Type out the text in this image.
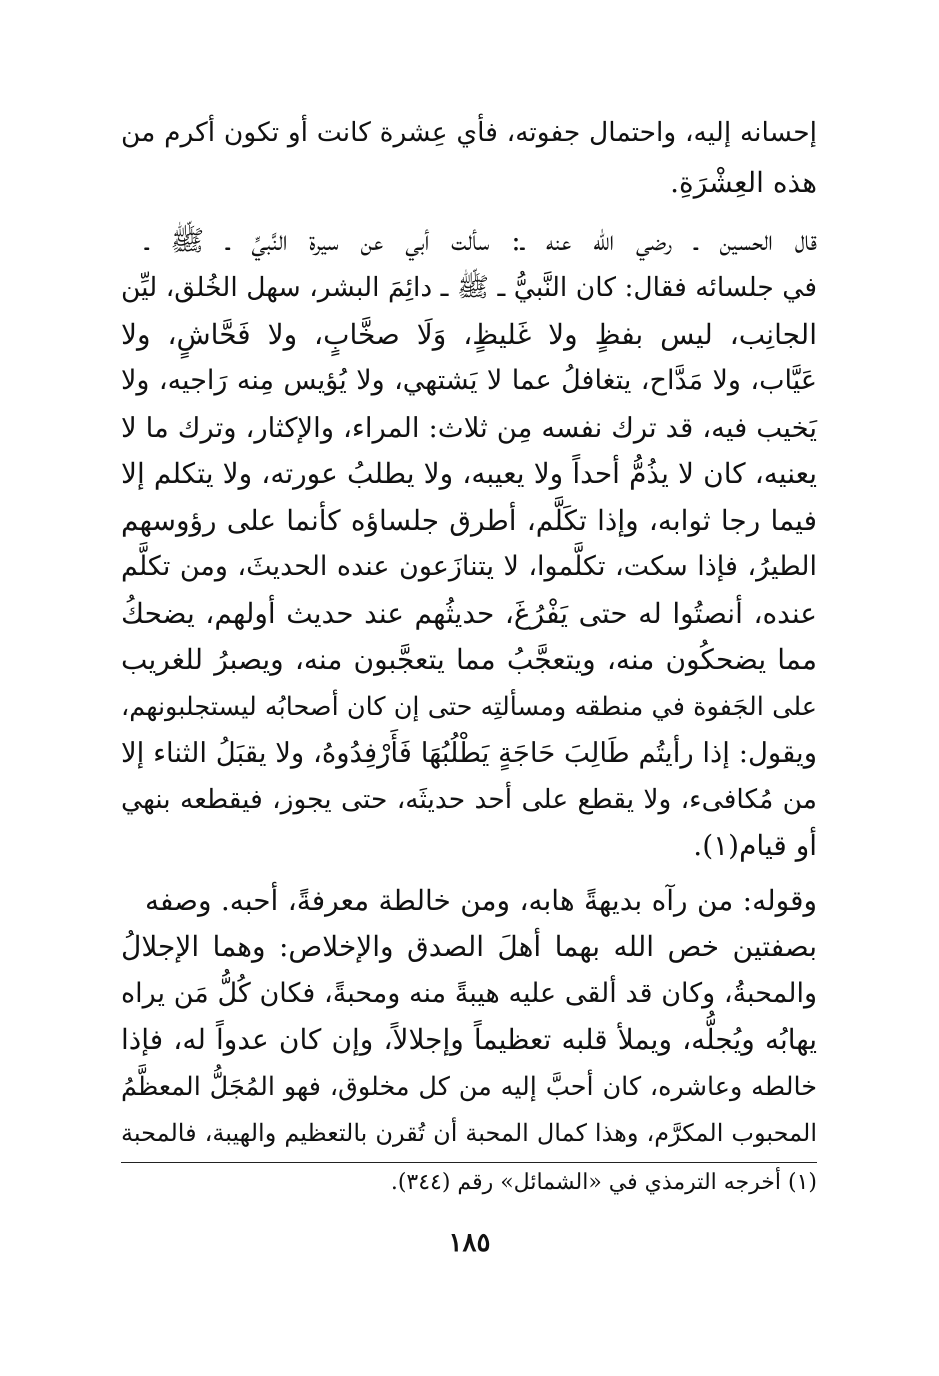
إحسانه إليه، واحتمال جفوته، فأي عِشرة كانت أو تكون أكرم من
هذه العِشْرَةِ.
قال الحسين ـ رضي الله عنه ـ: سألت أبي عن سيرة النَّبيِّ ـ ﷺ ـ
في جلسائه فقال: كان النَّبيُّ ـ ﷺ ـ دائِمَ البشر، سهل الخُلق، ليِّن
الجانِب، ليس بفظٍ ولا غَليظٍ، وَلَا صخَّابٍ، ولا فَحَّاشٍ، ولا
عَيَّاب، ولا مَدَّاح، يتغافلُ عما لا يَشتهي، ولا يُؤيس مِنه رَاجيه، ولا
يَخيب فيه، قد ترك نفسه مِن ثلاث: المراء، والإكثار، وترك ما لا
يعنيه، كان لا يذُمُّ أحداً ولا يعيبه، ولا يطلبُ عورته، ولا يتكلم إلا
فيما رجا ثوابه، وإذا تكَلَّم، أطرق جلساؤه كأنما على رؤوسهم
الطيرُ، فإذا سكت، تكلَّموا، لا يتنازَعون عنده الحديثَ، ومن تكلَّم
عنده، أنصتُوا له حتى يَفْرُغَ، حديثُهم عند حديث أولهم، يضحكُ
مما يضحكُون منه، ويتعجَّبُ مما يتعجَّبون منه، ويصبرُ للغريب
على الجَفوة في منطقه ومسألتِه حتى إن كان أصحابُه ليستجلبونهم،
ويقول: إذا رأيتُم طَالِبَ حَاجَةٍ يَطْلُبُهَا فَأَرْفِدُوهُ، ولا يقبَلُ الثناء إلا
من مُكافىء، ولا يقطع على أحد حديثَه، حتى يجوز، فيقطعه بنهي
أو قيام(١).
وقوله: من رآه بديهةً هابه، ومن خالطة معرفةً، أحبه. وصفه
بصفتين خص الله بهما أهلَ الصدق والإخلاص: وهما الإجلالُ
والمحبةُ، وكان قد ألقى عليه هيبةً منه ومحبةً، فكان كُلُّ مَن يراه
يهابُه ويُجلُّه، ويملأ قلبه تعظيماً وإجلالاً، وإن كان عدواً له، فإذا
خالطه وعاشره، كان أحبَّ إليه من كل مخلوق، فهو المُجَلُّ المعظَّمُ
المحبوب المكرَّم، وهذا كمال المحبة أن تُقرن بالتعظيم والهيبة، فالمحبة
(١) أخرجه الترمذي في «الشمائل» رقم (٣٤٤).
١٨٥
